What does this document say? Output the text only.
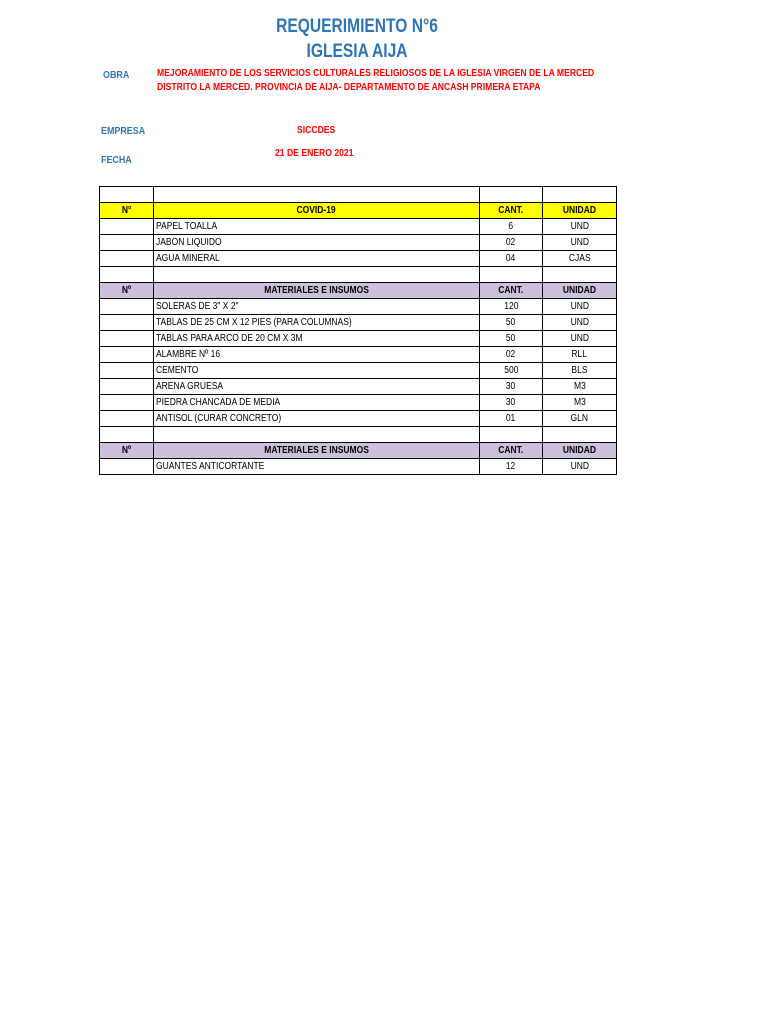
REQUERIMIENTO N°6
IGLESIA AIJA
OBRA	MEJORAMIENTO DE LOS SERVICIOS CULTURALES RELIGIOSOS DE LA IGLESIA VIRGEN DE LA MERCED
DISTRITO LA MERCED. PROVINCIA DE AIJA- DEPARTAMENTO DE ANCASH PRIMERA ETAPA
EMPRESA	SICCDES
FECHA
21 DE ENERO 2021

N°	COVID-19	CANT.	UNIDAD
	PAPEL TOALLA	6	UND
	JABON LIQUIDO	02	UND
	AGUA MINERAL	04	CJAS

Nº	MATERIALES E INSUMOS	CANT.	UNIDAD
	SOLERAS DE 3" X 2"	120	UND
	TABLAS DE 25 CM X 12 PIES (PARA COLUMNAS)	50	UND
	TABLAS PARA ARCO DE 20 CM X 3M	50	UND
	ALAMBRE Nº 16	02	RLL
	CEMENTO	500	BLS
	ARENA GRUESA	30	M3
	PIEDRA CHANCADA DE MEDIA	30	M3
	ANTISOL (CURAR CONCRETO)	01	GLN

Nº	MATERIALES E INSUMOS	CANT.	UNIDAD
	GUANTES ANTICORTANTE	12	UND
